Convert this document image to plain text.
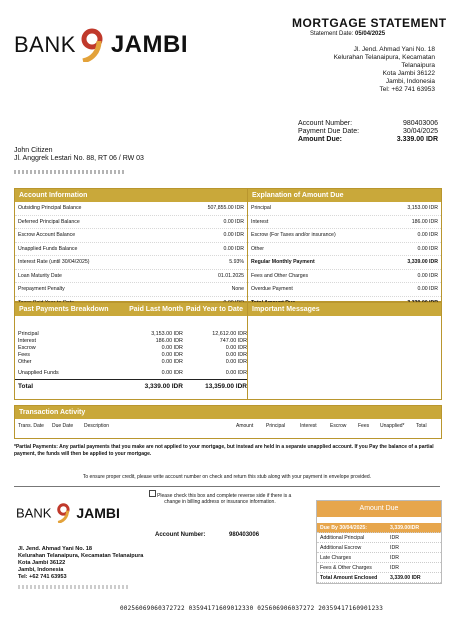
MORTGAGE STATEMENT
Statement Date: 05/04/2025
BANK JAMBI	Jl. Jend. Ahmad Yani No. 18
Kelurahan Telanaipura, Kecamatan
Telanaipura
Kota Jambi 36122
Jambi, Indonesia
Tel: +62 741 63953
Account Number:	980403006
Payment Due Date:	30/04/2025
Amount Due:	3.339.00 IDR
John Citizen
Jl. Anggrek Lestari No. 88, RT 06 / RW 03
Account Information
Outsiding Principal Balance	507,855.00 IDR
Deferred Principal Balance	0.00 IDR
Escrow Account Balance	0.00 IDR
Unapplied Funds Balance	0.00 IDR
Interest Rate (until 30/04/2025)	5.93%
Loan Maturity Date	01.01.2025
Prepayment Penalty	None
Explanation of Amount Due
Principal	3,153.00 IDR
Interest	186.00 IDR
Escrow (For Taxes and/or insurance)	0.00 IDR
Other	0.00 IDR
Regular Monthly Payment	3,339.00 IDR
Fees and Other Charges	0.00 IDR
Overdue Payment	0.00 IDR
Past Payments Breakdown	Paid Last Month Paid Year to Date
Principal	3,153.00 IDR	12,612.00 IDR
Interest	186.00 IDR	747.00 IDR
Escrow	0.00 IDR	0.00 IDR
Fees	0.00 IDR	0.00 IDR
Other	0.00 IDR	0.00 IDR
Unapplied Funds	0.00 IDR	0.00 IDR
Total	3,339.00 IDR	13,359.00 IDR
Important Messages
Transaction Activity
Trans. Date	Due Date	Description	Amount	Principal	Interest	Escrow	Fees	Unapplied*	Total
*Partial Payments: Any partial payments that you make are not applied to your mortgage, but instead are held in a separate unapplied account. If you Pay the balance of a partial payment, the funds will then be applied to your mortgage.
To ensure proper credit, please write account number on check and return this stub along with your payment in envelope provided.
Please check this box and complete reverse side if there is a change in billing address or insurance information.
BANK JAMBI
Account Number:	980403006
Jl. Jend. Ahmad Yani No. 18
Kelurahan Telanaipura, Kecamatan Telanaipura
Kota Jambi 36122
Jambi, Indonesia
Tel: +62 741 63953
Amount Due
Due By 30/04/2025:	3,339.00IDR
Additional Principal	IDR
Additional Escrow	IDR
Late Charges	IDR
Fees & Other Charges	IDR
Total Amount Enclosed	3,339.00 IDR
00256069060372722 03594171609012330 025606906037272 20359417160901233
